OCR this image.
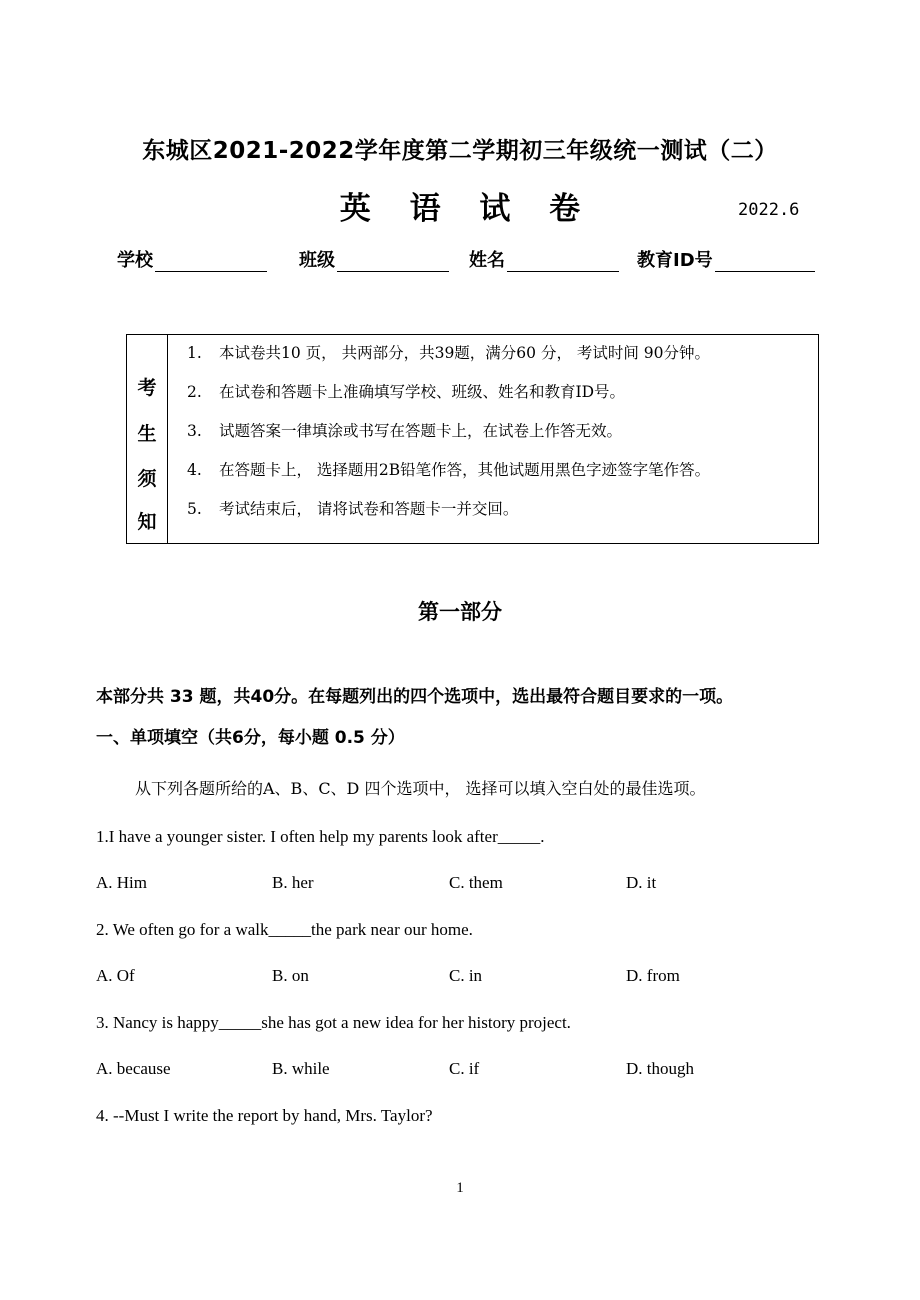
东城区2021-2022学年度第二学期初三年级统一测试（二）
英 语 试 卷	2022.6
学校	班级	姓名	教育ID号
考
生
须
知
1. 本试卷共10 页， 共两部分，共39题，满分60 分， 考试时间 90分钟。
2. 在试卷和答题卡上准确填写学校、班级、姓名和教育ID号。
3. 试题答案一律填涂或书写在答题卡上，在试卷上作答无效。
4. 在答题卡上， 选择题用2B铅笔作答，其他试题用黑色字迹签字笔作答。
5. 考试结束后， 请将试卷和答题卡一并交回。
第一部分
本部分共 33 题，共40分。在每题列出的四个选项中，选出最符合题目要求的一项。
一、单项填空（共6分，每小题 0.5 分）
从下列各题所给的A、B、C、D 四个选项中， 选择可以填入空白处的最佳选项。
1.I have a younger sister. I often help my parents look after_____.
A. Him	B. her	C. them	D. it
2. We often go for a walk_____the park near our home.
A. Of	B. on	C. in	D. from
3. Nancy is happy_____she has got a new idea for her history project.
A. because	B. while	C. if	D. though
4. --Must I write the report by hand, Mrs. Taylor?
1
